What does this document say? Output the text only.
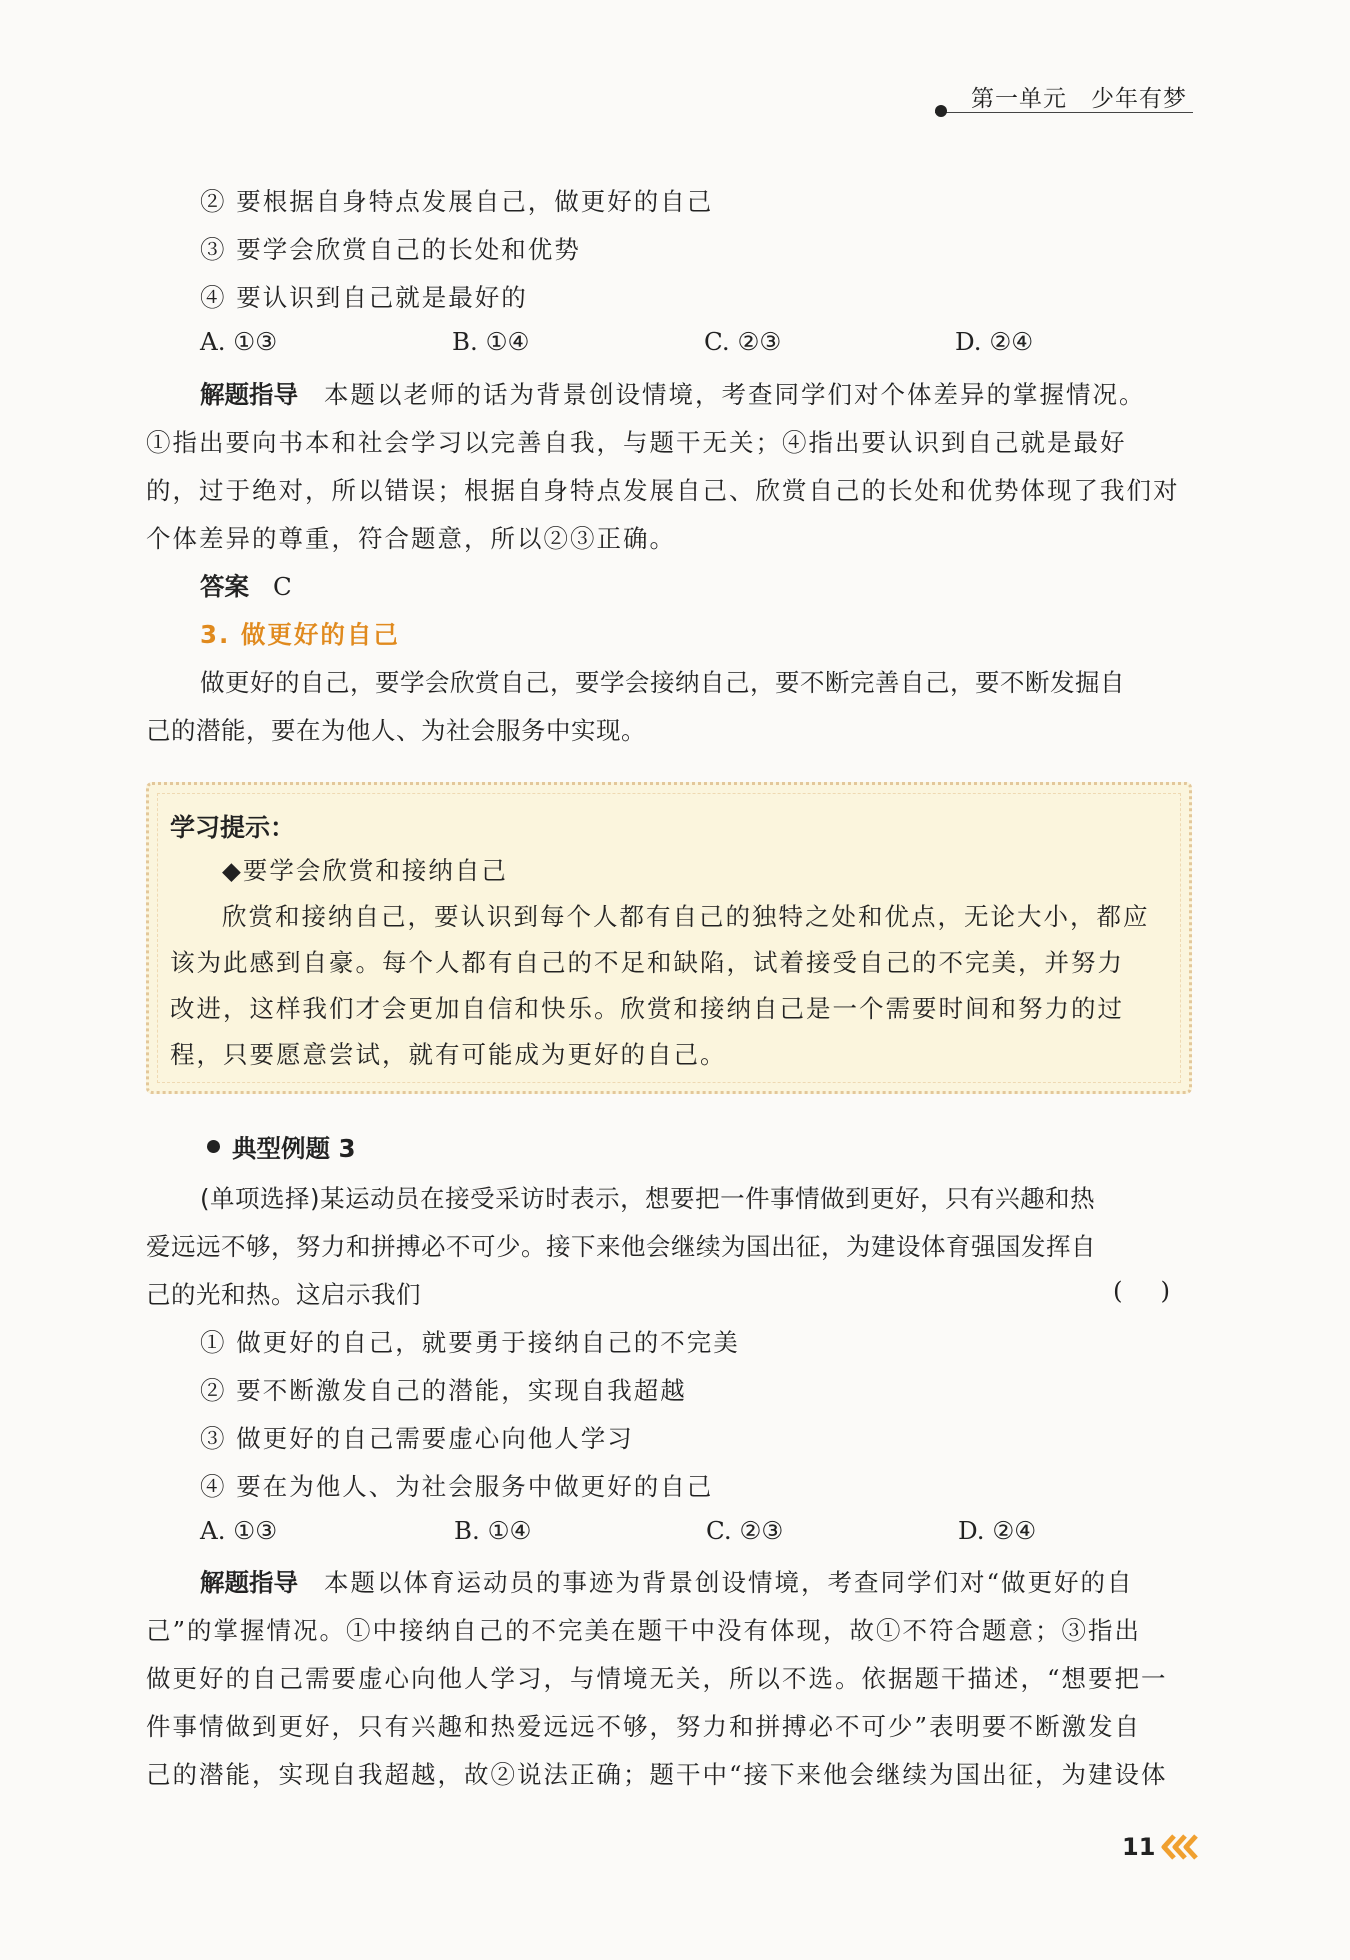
第一单元　少年有梦
② 要根据自身特点发展自己，做更好的自己
③ 要学会欣赏自己的长处和优势
④ 要认识到自己就是最好的
A. ①③	B. ①④	C. ②③	D. ②④
解题指导 本题以老师的话为背景创设情境，考查同学们对个体差异的掌握情况。
①指出要向书本和社会学习以完善自我，与题干无关；④指出要认识到自己就是最好
的，过于绝对，所以错误；根据自身特点发展自己、欣赏自己的长处和优势体现了我们对
个体差异的尊重，符合题意，所以②③正确。
答案 C
3. 做更好的自己
做更好的自己，要学会欣赏自己，要学会接纳自己，要不断完善自己，要不断发掘自
己的潜能，要在为他人、为社会服务中实现。
学习提示：
◆要学会欣赏和接纳自己
欣赏和接纳自己，要认识到每个人都有自己的独特之处和优点，无论大小，都应
该为此感到自豪。每个人都有自己的不足和缺陷，试着接受自己的不完美，并努力
改进，这样我们才会更加自信和快乐。欣赏和接纳自己是一个需要时间和努力的过
程，只要愿意尝试，就有可能成为更好的自己。
典型例题 3
(单项选择)某运动员在接受采访时表示，想要把一件事情做到更好，只有兴趣和热
爱远远不够，努力和拼搏必不可少。接下来他会继续为国出征，为建设体育强国发挥自
己的光和热。这启示我们	()
① 做更好的自己，就要勇于接纳自己的不完美
② 要不断激发自己的潜能，实现自我超越
③ 做更好的自己需要虚心向他人学习
④ 要在为他人、为社会服务中做更好的自己
A. ①③	B. ①④	C. ②③	D. ②④
解题指导 本题以体育运动员的事迹为背景创设情境，考查同学们对“做更好的自
己”的掌握情况。①中接纳自己的不完美在题干中没有体现，故①不符合题意；③指出
做更好的自己需要虚心向他人学习，与情境无关，所以不选。依据题干描述，“想要把一
件事情做到更好，只有兴趣和热爱远远不够，努力和拼搏必不可少”表明要不断激发自
己的潜能，实现自我超越，故②说法正确；题干中“接下来他会继续为国出征，为建设体
11
